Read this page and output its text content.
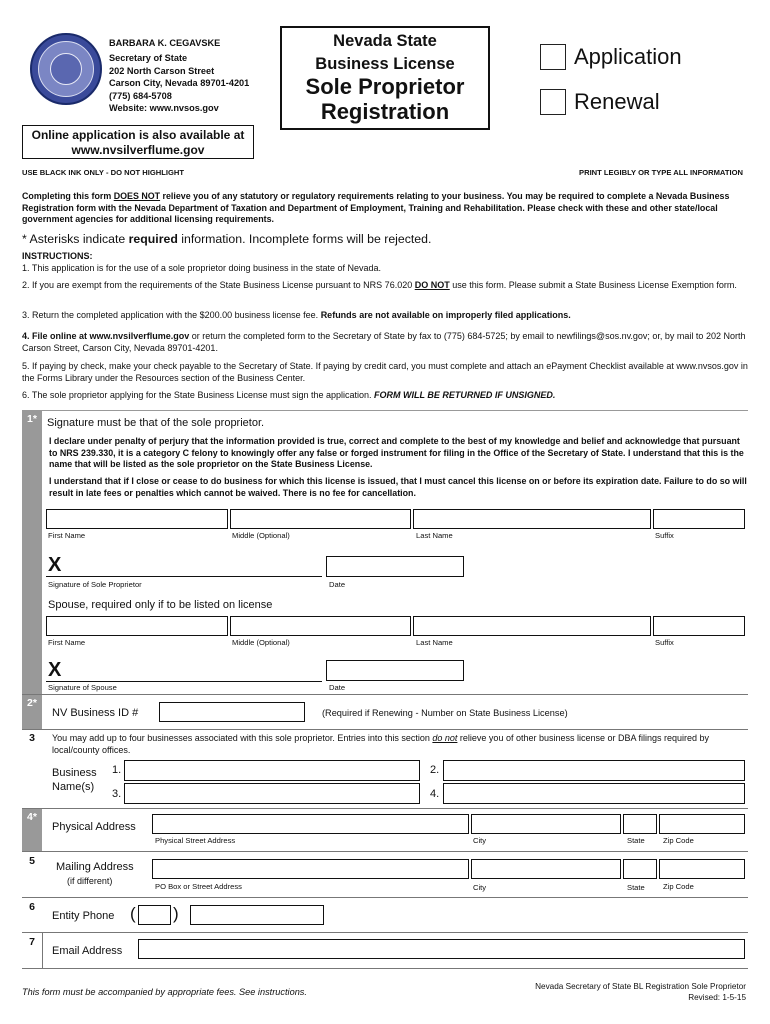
BARBARA K. CEGAVSKE
Secretary of State
202 North Carson Street
Carson City, Nevada 89701-4201
(775) 684-5708
Website: www.nvsos.gov
Nevada State
Business License
Sole Proprietor
Registration
Application
Renewal
Online application is also available at
www.nvsilverflume.gov
USE BLACK INK ONLY - DO NOT HIGHLIGHT	PRINT LEGIBLY OR TYPE ALL INFORMATION
Completing this form DOES NOT relieve you of any statutory or regulatory requirements relating to your business. You may be required to complete a Nevada Business Registration form with the Nevada Department of Taxation and Department of Employment, Training and Rehabilitation. Please check with these and other state/local government agencies for additional licensing requirements.
* Asterisks indicate required information. Incomplete forms will be rejected.
INSTRUCTIONS:
1. This application is for the use of a sole proprietor doing business in the state of Nevada.
2. If you are exempt from the requirements of the State Business License pursuant to NRS 76.020 DO NOT use this form. Please submit a State Business License Exemption form.
3. Return the completed application with the $200.00 business license fee. Refunds are not available on improperly filed applications.
4. File online at www.nvsilverflume.gov or return the completed form to the Secretary of State by fax to (775) 684-5725; by email to newfilings@sos.nv.gov; or, by mail to 202 North Carson Street, Carson City, Nevada 89701-4201.
5. If paying by check, make your check payable to the Secretary of State. If paying by credit card, you must complete and attach an ePayment Checklist available at www.nvsos.gov in the Forms Library under the Resources section of the Business Center.
6. The sole proprietor applying for the State Business License must sign the application. FORM WILL BE RETURNED IF UNSIGNED.
1* Signature must be that of the sole proprietor.
I declare under penalty of perjury that the information provided is true, correct and complete to the best of my knowledge and belief and acknowledge that pursuant to NRS 239.330, it is a category C felony to knowingly offer any false or forged instrument for filing in the Office of the Secretary of State. I understand that this is the name that will be listed as the sole proprietor on the State Business License.
I understand that if I close or cease to do business for which this license is issued, that I must cancel this license on or before its expiration date. Failure to do so will result in late fees or penalties which cannot be waived. There is no fee for cancellation.
First Name	Middle (Optional)	Last Name	Suffix
X
Signature of Sole Proprietor	Date
Spouse, required only if to be listed on license
First Name	Middle (Optional)	Last Name	Suffix
X
Signature of Spouse	Date
2*
NV Business ID #	(Required if Renewing - Number on State Business License)
3	You may add up to four businesses associated with this sole proprietor. Entries into this section do not relieve you of other business license or DBA filings required by local/county offices.
Business
Name(s)
1.	2.
3.	4.
4*
Physical Address
Physical Street Address	City	State Zip Code
5	Mailing Address
(if different)
PO Box or Street Address	City	State Zip Code
6
Entity Phone ( )
7
Email Address
This form must be accompanied by appropriate fees. See instructions.
Nevada Secretary of State BL Registration Sole Proprietor
Revised: 1-5-15
